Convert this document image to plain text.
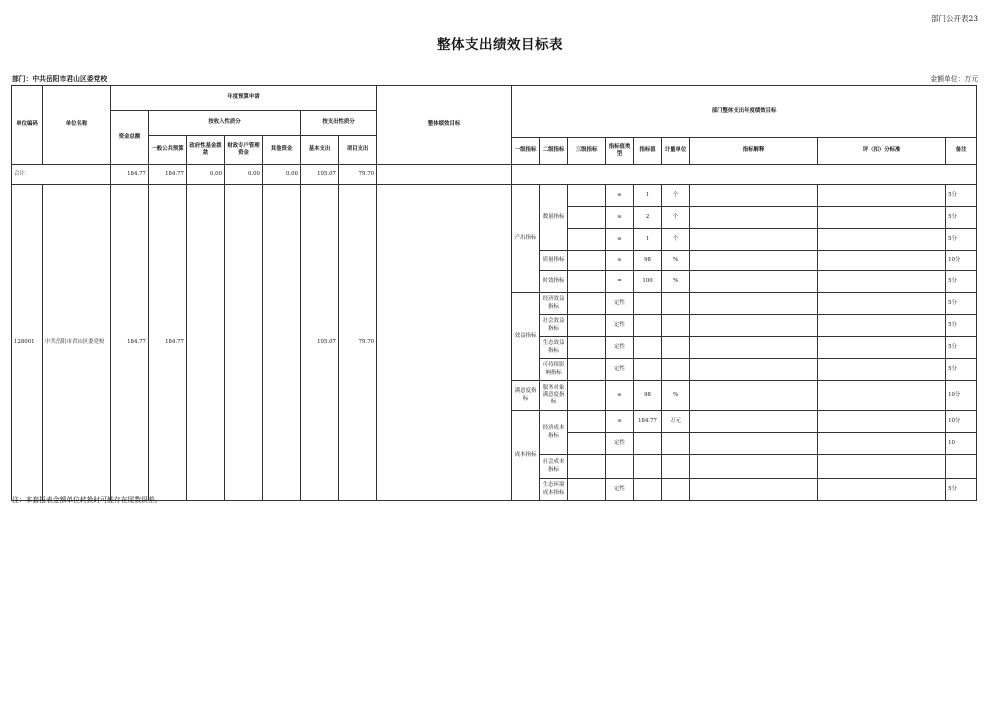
部门公开表23
整体支出绩效目标表
部门：中共岳阳市君山区委党校	金额单位：万元
单位编码	单位名称	年度预算申请							整体绩效目标	部门整体支出年度绩效目标								
		资金总额	按收入性质分				按支出性质分											
			一般公共预算	政府性基金拨款	财政专户管理资金	其他资金	基本支出	项目支出										
										一级指标	二级指标	三级指标	指标值类型	指标值	计量单位	指标解释	评（扣）分标准	备注
合计：		184.77	184.77	0.00	0.00	0.00	105.07	79.70										
128001	中共岳阳市君山区委党校	184.77	184.77				105.07	79.70		产出指标	数量指标		≥	1	个			5分
													≥	2	个			5分
													≥	1	个			5分
											质量指标		≥	98	%			10分
											时效指标		=	100	%			5分
										效益指标	经济效益指标		定性					5分
											社会效益指标		定性					5分
											生态效益指标		定性					5分
											可持续影响指标		定性					5分
										满意度指标	服务对象满意度指标		≥	98	%			10分
										成本指标	经济成本指标		≤	184.77	万元			10分
													定性					10
											社会成本指标							
											生态环境成本指标		定性					5分
注：本套报表金额单位转换时可能存在尾数误差。
